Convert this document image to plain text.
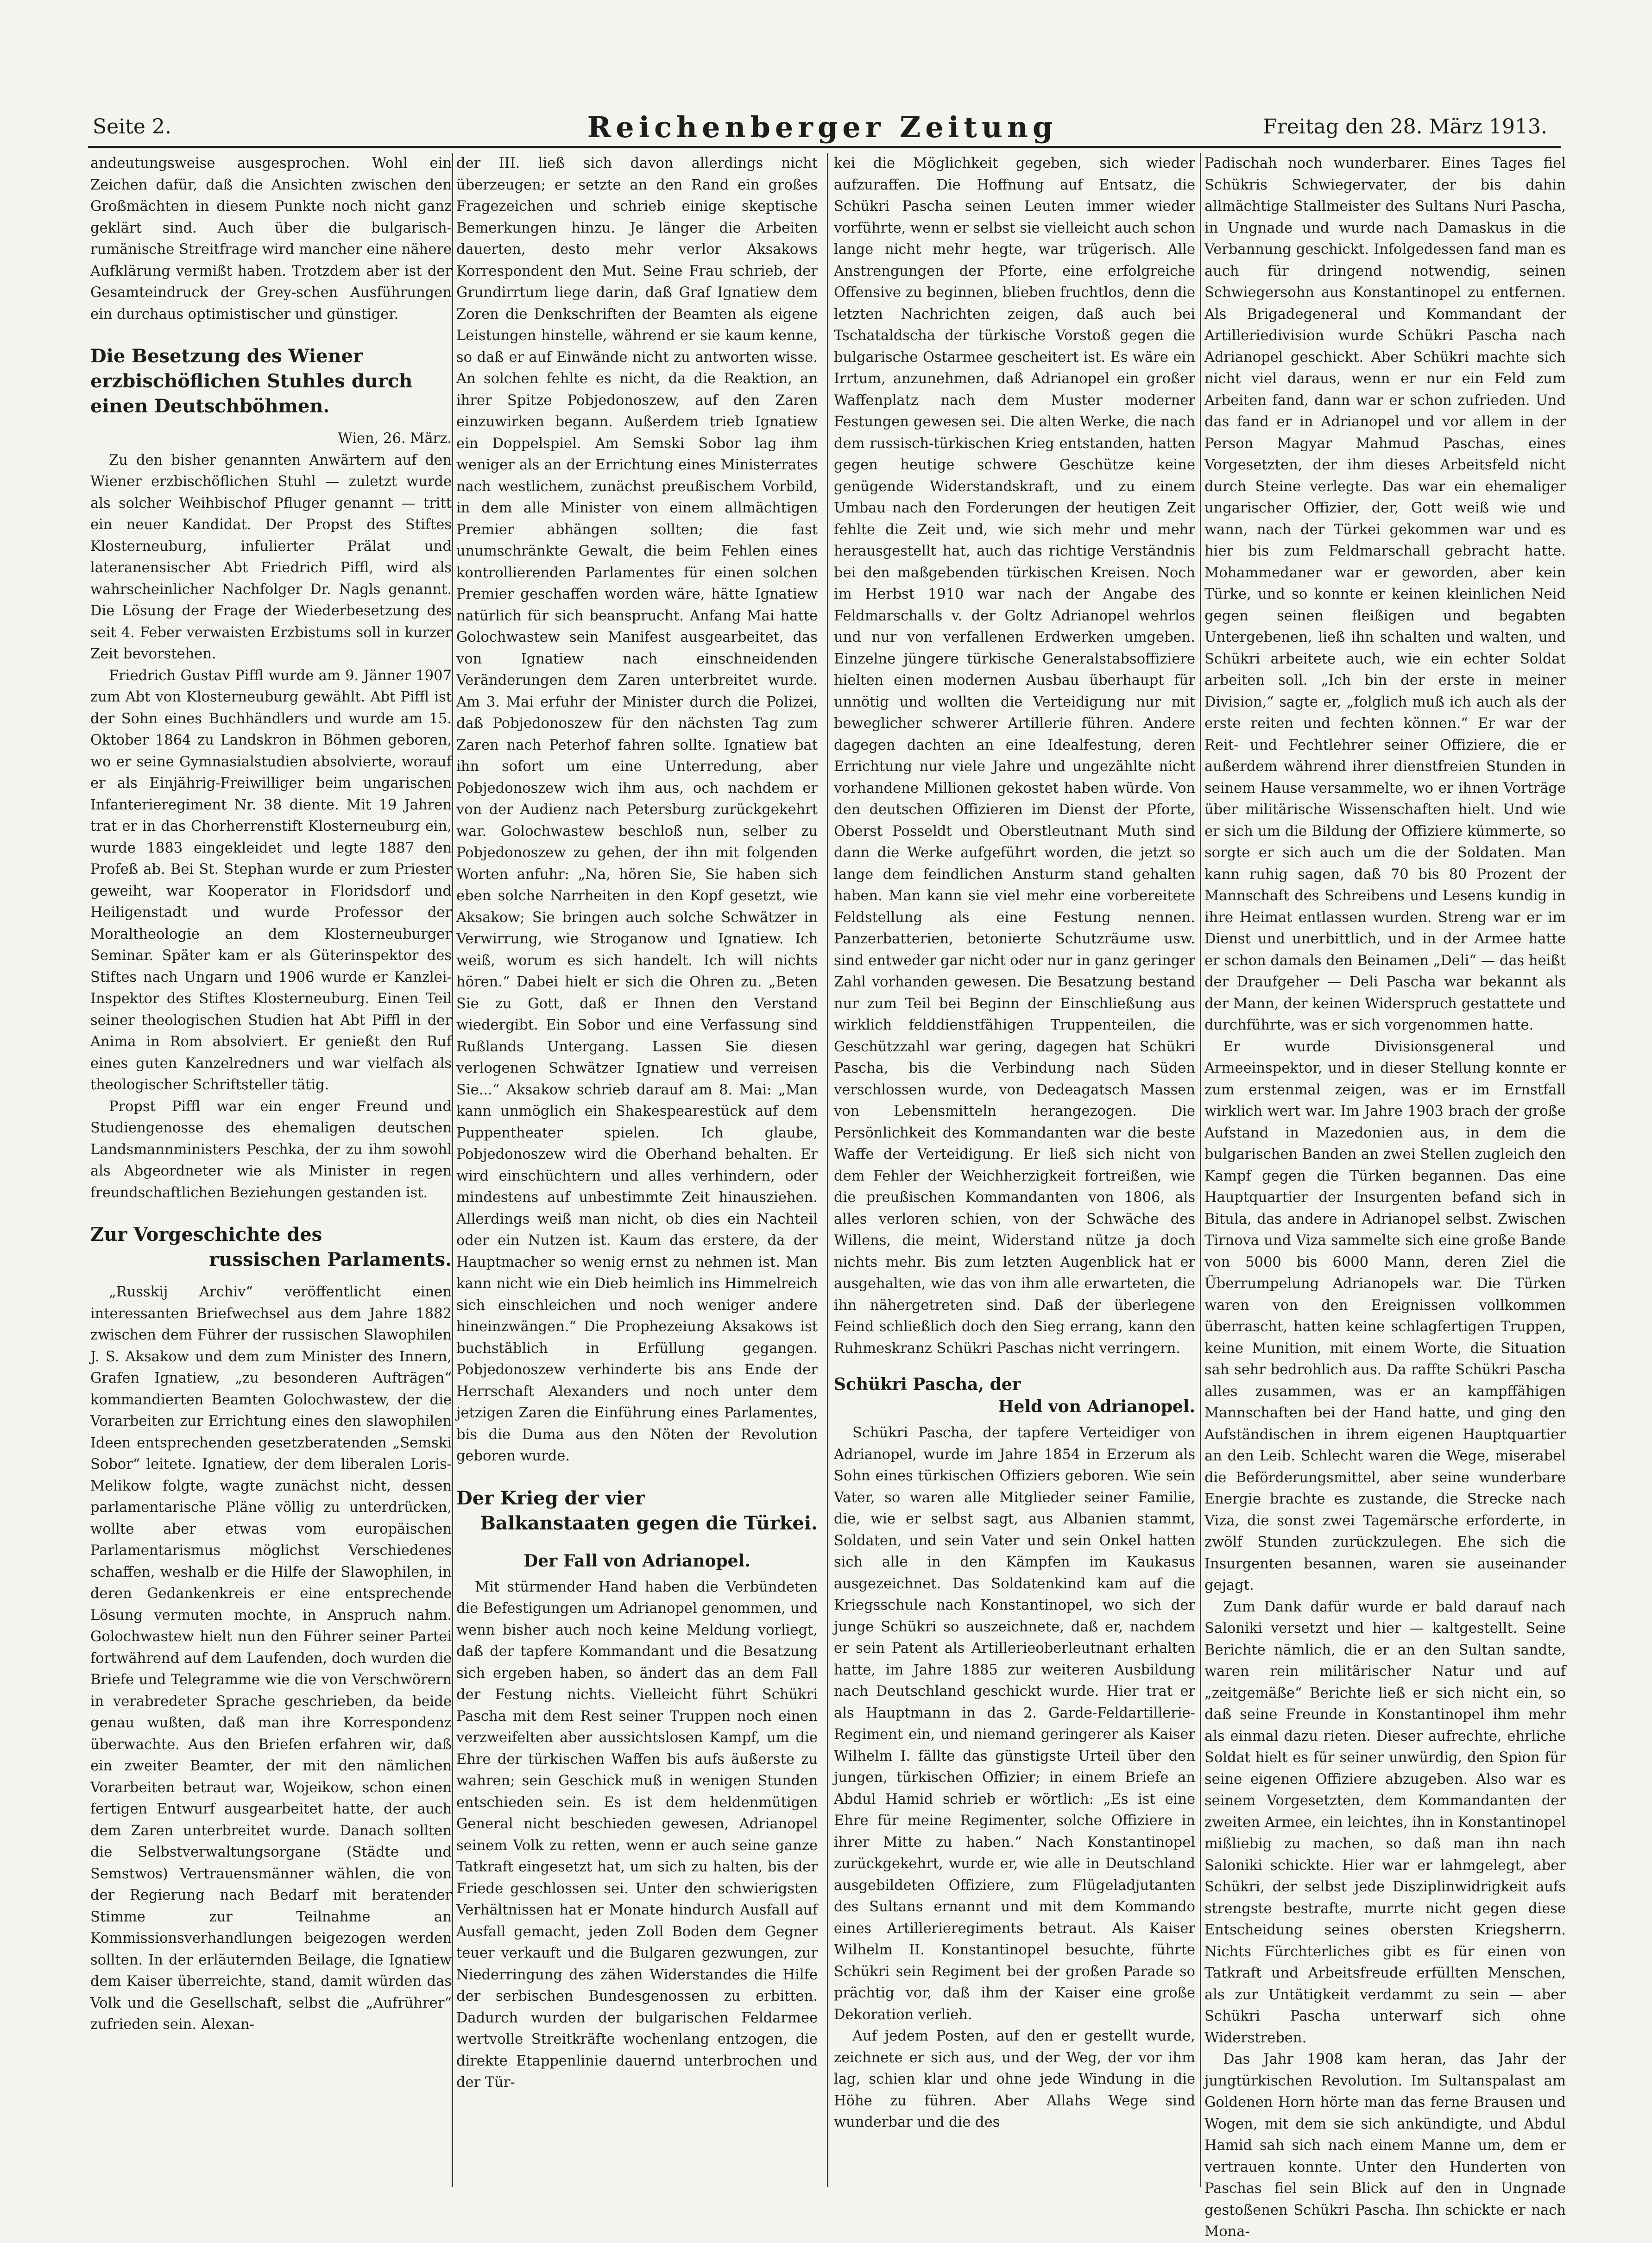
Seite 2.	Reichenberger Zeitung	Freitag den 28. März 1913.

andeutungsweise ausgesprochen. Wohl ein Zeichen dafür, daß die Ansichten zwischen den Großmächten in diesem Punkte noch nicht ganz geklärt sind. Auch über die bulgarisch-rumänische Streitfrage wird mancher eine nähere Aufklärung vermißt haben. Trotzdem aber ist der Gesamteindruck der Grey-schen Ausführungen ein durchaus optimistischer und günstiger.

Die Besetzung des Wiener erzbischöflichen Stuhles durch einen Deutschböhmen.
Wien, 26. März.

Zu den bisher genannten Anwärtern auf den Wiener erzbischöflichen Stuhl — zuletzt wurde als solcher Weihbischof Pfluger genannt — tritt ein neuer Kandidat. Der Propst des Stiftes Klosterneuburg, infulierter Prälat und lateranensischer Abt Friedrich Piffl, wird als wahrscheinlicher Nachfolger Dr. Nagls genannt. Die Lösung der Frage der Wiederbesetzung des seit 4. Feber verwaisten Erzbistums soll in kurzer Zeit bevorstehen.

Friedrich Gustav Piffl wurde am 9. Jänner 1907 zum Abt von Klosterneuburg gewählt. Abt Piffl ist der Sohn eines Buchhändlers und wurde am 15. Oktober 1864 zu Landskron in Böhmen geboren, wo er seine Gymnasialstudien absolvierte, worauf er als Einjährig-Freiwilliger beim ungarischen Infanterieregiment Nr. 38 diente. Mit 19 Jahren trat er in das Chorherrenstift Klosterneuburg ein, wurde 1883 eingekleidet und legte 1887 den Profeß ab. Bei St. Stephan wurde er zum Priester geweiht, war Kooperator in Floridsdorf und Heiligenstadt und wurde Professor der Moraltheologie an dem Klosterneuburger Seminar. Später kam er als Güterinspektor des Stiftes nach Ungarn und 1906 wurde er Kanzlei-Inspektor des Stiftes Klosterneuburg. Einen Teil seiner theologischen Studien hat Abt Piffl in der Anima in Rom absolviert. Er genießt den Ruf eines guten Kanzelredners und war vielfach als theologischer Schriftsteller tätig.

Propst Piffl war ein enger Freund und Studiengenosse des ehemaligen deutschen Landsmannministers Peschka, der zu ihm sowohl als Abgeordneter wie als Minister in regen freundschaftlichen Beziehungen gestanden ist.

Zur Vorgeschichte des
russischen Parlaments.

„Russkij Archiv“ veröffentlicht einen interessanten Briefwechsel aus dem Jahre 1882 zwischen dem Führer der russischen Slawophilen J. S. Aksakow und dem zum Minister des Innern, Grafen Ignatiew, „zu besonderen Aufträgen“ kommandierten Beamten Golochwastew, der die Vorarbeiten zur Errichtung eines den slawophilen Ideen entsprechenden gesetzberatenden „Semski Sobor“ leitete. Ignatiew, der dem liberalen Loris-Melikow folgte, wagte zunächst nicht, dessen parlamentarische Pläne völlig zu unterdrücken, wollte aber etwas vom europäischen Parlamentarismus möglichst Verschiedenes schaffen, weshalb er die Hilfe der Slawophilen, in deren Gedankenkreis er eine entsprechende Lösung vermuten mochte, in Anspruch nahm. Golochwastew hielt nun den Führer seiner Partei fortwährend auf dem Laufenden, doch wurden die Briefe und Telegramme wie die von Verschwörern in verabredeter Sprache geschrieben, da beide genau wußten, daß man ihre Korrespondenz überwachte. Aus den Briefen erfahren wir, daß ein zweiter Beamter, der mit den nämlichen Vorarbeiten betraut war, Wojeikow, schon einen fertigen Entwurf ausgearbeitet hatte, der auch dem Zaren unterbreitet wurde. Danach sollten die Selbstverwaltungsorgane (Städte und Semstwos) Vertrauensmänner wählen, die von der Regierung nach Bedarf mit beratender Stimme zur Teilnahme an Kommissionsverhandlungen beigezogen werden sollten. In der erläuternden Beilage, die Ignatiew dem Kaiser überreichte, stand, damit würden das Volk und die Gesellschaft, selbst die „Aufrührer“ zufrieden sein. Alexan-

der III. ließ sich davon allerdings nicht überzeugen; er setzte an den Rand ein großes Fragezeichen und schrieb einige skeptische Bemerkungen hinzu. Je länger die Arbeiten dauerten, desto mehr verlor Aksakows Korrespondent den Mut. Seine Frau schrieb, der Grundirrtum liege darin, daß Graf Ignatiew dem Zoren die Denkschriften der Beamten als eigene Leistungen hinstelle, während er sie kaum kenne, so daß er auf Einwände nicht zu antworten wisse. An solchen fehlte es nicht, da die Reaktion, an ihrer Spitze Pobjedonoszew, auf den Zaren einzuwirken begann. Außerdem trieb Ignatiew ein Doppelspiel. Am Semski Sobor lag ihm weniger als an der Errichtung eines Ministerrates nach westlichem, zunächst preußischem Vorbild, in dem alle Minister von einem allmächtigen Premier abhängen sollten; die fast unumschränkte Gewalt, die beim Fehlen eines kontrollierenden Parlamentes für einen solchen Premier geschaffen worden wäre, hätte Ignatiew natürlich für sich beansprucht. Anfang Mai hatte Golochwastew sein Manifest ausgearbeitet, das von Ignatiew nach einschneidenden Veränderungen dem Zaren unterbreitet wurde. Am 3. Mai erfuhr der Minister durch die Polizei, daß Pobjedonoszew für den nächsten Tag zum Zaren nach Peterhof fahren sollte. Ignatiew bat ihn sofort um eine Unterredung, aber Pobjedonoszew wich ihm aus, och nachdem er von der Audienz nach Petersburg zurückgekehrt war. Golochwastew beschloß nun, selber zu Pobjedonoszew zu gehen, der ihn mit folgenden Worten anfuhr: „Na, hören Sie, Sie haben sich eben solche Narrheiten in den Kopf gesetzt, wie Aksakow; Sie bringen auch solche Schwätzer in Verwirrung, wie Stroganow und Ignatiew. Ich weiß, worum es sich handelt. Ich will nichts hören.“ Dabei hielt er sich die Ohren zu. „Beten Sie zu Gott, daß er Ihnen den Verstand wiedergibt. Ein Sobor und eine Verfassung sind Rußlands Untergang. Lassen Sie diesen verlogenen Schwätzer Ignatiew und verreisen Sie...“ Aksakow schrieb darauf am 8. Mai: „Man kann unmöglich ein Shakespearestück auf dem Puppentheater spielen. Ich glaube, Pobjedonoszew wird die Oberhand behalten. Er wird einschüchtern und alles verhindern, oder mindestens auf unbestimmte Zeit hinausziehen. Allerdings weiß man nicht, ob dies ein Nachteil oder ein Nutzen ist. Kaum das erstere, da der Hauptmacher so wenig ernst zu nehmen ist. Man kann nicht wie ein Dieb heimlich ins Himmelreich sich einschleichen und noch weniger andere hineinzwängen.“ Die Prophezeiung Aksakows ist buchstäblich in Erfüllung gegangen. Pobjedonoszew verhinderte bis ans Ende der Herrschaft Alexanders und noch unter dem jetzigen Zaren die Einführung eines Parlamentes, bis die Duma aus den Nöten der Revolution geboren wurde.

Der Krieg der vier
Balkanstaaten gegen die Türkei.
Der Fall von Adrianopel.

Mit stürmender Hand haben die Verbündeten die Befestigungen um Adrianopel genommen, und wenn bisher auch noch keine Meldung vorliegt, daß der tapfere Kommandant und die Besatzung sich ergeben haben, so ändert das an dem Fall der Festung nichts. Vielleicht führt Schükri Pascha mit dem Rest seiner Truppen noch einen verzweifelten aber aussichtslosen Kampf, um die Ehre der türkischen Waffen bis aufs äußerste zu wahren; sein Geschick muß in wenigen Stunden entschieden sein. Es ist dem heldenmütigen General nicht beschieden gewesen, Adrianopel seinem Volk zu retten, wenn er auch seine ganze Tatkraft eingesetzt hat, um sich zu halten, bis der Friede geschlossen sei. Unter den schwierigsten Verhältnissen hat er Monate hindurch Ausfall auf Ausfall gemacht, jeden Zoll Boden dem Gegner teuer verkauft und die Bulgaren gezwungen, zur Niederringung des zähen Widerstandes die Hilfe der serbischen Bundesgenossen zu erbitten. Dadurch wurden der bulgarischen Feldarmee wertvolle Streitkräfte wochenlang entzogen, die direkte Etappenlinie dauernd unterbrochen und der Tür-

kei die Möglichkeit gegeben, sich wieder aufzuraffen. Die Hoffnung auf Entsatz, die Schükri Pascha seinen Leuten immer wieder vorführte, wenn er selbst sie vielleicht auch schon lange nicht mehr hegte, war trügerisch. Alle Anstrengungen der Pforte, eine erfolgreiche Offensive zu beginnen, blieben fruchtlos, denn die letzten Nachrichten zeigen, daß auch bei Tschataldscha der türkische Vorstoß gegen die bulgarische Ostarmee gescheitert ist. Es wäre ein Irrtum, anzunehmen, daß Adrianopel ein großer Waffenplatz nach dem Muster moderner Festungen gewesen sei. Die alten Werke, die nach dem russisch-türkischen Krieg entstanden, hatten gegen heutige schwere Geschütze keine genügende Widerstandskraft, und zu einem Umbau nach den Forderungen der heutigen Zeit fehlte die Zeit und, wie sich mehr und mehr herausgestellt hat, auch das richtige Verständnis bei den maßgebenden türkischen Kreisen. Noch im Herbst 1910 war nach der Angabe des Feldmarschalls v. der Goltz Adrianopel wehrlos und nur von verfallenen Erdwerken umgeben. Einzelne jüngere türkische Generalstabsoffiziere hielten einen modernen Ausbau überhaupt für unnötig und wollten die Verteidigung nur mit beweglicher schwerer Artillerie führen. Andere dagegen dachten an eine Idealfestung, deren Errichtung nur viele Jahre und ungezählte nicht vorhandene Millionen gekostet haben würde. Von den deutschen Offizieren im Dienst der Pforte, Oberst Posseldt und Oberstleutnant Muth sind dann die Werke aufgeführt worden, die jetzt so lange dem feindlichen Ansturm stand gehalten haben. Man kann sie viel mehr eine vorbereitete Feldstellung als eine Festung nennen. Panzerbatterien, betonierte Schutzräume usw. sind entweder gar nicht oder nur in ganz geringer Zahl vorhanden gewesen. Die Besatzung bestand nur zum Teil bei Beginn der Einschließung aus wirklich felddienstfähigen Truppenteilen, die Geschützzahl war gering, dagegen hat Schükri Pascha, bis die Verbindung nach Süden verschlossen wurde, von Dedeagatsch Massen von Lebensmitteln herangezogen. Die Persönlichkeit des Kommandanten war die beste Waffe der Verteidigung. Er ließ sich nicht von dem Fehler der Weichherzigkeit fortreißen, wie die preußischen Kommandanten von 1806, als alles verloren schien, von der Schwäche des Willens, die meint, Widerstand nütze ja doch nichts mehr. Bis zum letzten Augenblick hat er ausgehalten, wie das von ihm alle erwarteten, die ihn nähergetreten sind. Daß der überlegene Feind schließlich doch den Sieg errang, kann den Ruhmeskranz Schükri Paschas nicht verringern.

Schükri Pascha, der

Held von Adrianopel.

Schükri Pascha, der tapfere Verteidiger von Adrianopel, wurde im Jahre 1854 in Erzerum als Sohn eines türkischen Offiziers geboren. Wie sein Vater, so waren alle Mitglieder seiner Familie, die, wie er selbst sagt, aus Albanien stammt, Soldaten, und sein Vater und sein Onkel hatten sich alle in den Kämpfen im Kaukasus ausgezeichnet. Das Soldatenkind kam auf die Kriegsschule nach Konstantinopel, wo sich der junge Schükri so auszeichnete, daß er, nachdem er sein Patent als Artillerieoberleutnant erhalten hatte, im Jahre 1885 zur weiteren Ausbildung nach Deutschland geschickt wurde. Hier trat er als Hauptmann in das 2. Garde-Feldartillerie-Regiment ein, und niemand geringerer als Kaiser Wilhelm I. fällte das günstigste Urteil über den jungen, türkischen Offizier; in einem Briefe an Abdul Hamid schrieb er wörtlich: „Es ist eine Ehre für meine Regimenter, solche Offiziere in ihrer Mitte zu haben.“ Nach Konstantinopel zurückgekehrt, wurde er, wie alle in Deutschland ausgebildeten Offiziere, zum Flügeladjutanten des Sultans ernannt und mit dem Kommando eines Artillerieregiments betraut. Als Kaiser Wilhelm II. Konstantinopel besuchte, führte Schükri sein Regiment bei der großen Parade so prächtig vor, daß ihm der Kaiser eine große Dekoration verlieh.

Auf jedem Posten, auf den er gestellt wurde, zeichnete er sich aus, und der Weg, der vor ihm lag, schien klar und ohne jede Windung in die Höhe zu führen. Aber Allahs Wege sind wunderbar und die des

Padischah noch wunderbarer. Eines Tages fiel Schükris Schwiegervater, der bis dahin allmächtige Stallmeister des Sultans Nuri Pascha, in Ungnade und wurde nach Damaskus in die Verbannung geschickt. Infolgedessen fand man es auch für dringend notwendig, seinen Schwiegersohn aus Konstantinopel zu entfernen. Als Brigadegeneral und Kommandant der Artilleriedivision wurde Schükri Pascha nach Adrianopel geschickt. Aber Schükri machte sich nicht viel daraus, wenn er nur ein Feld zum Arbeiten fand, dann war er schon zufrieden. Und das fand er in Adrianopel und vor allem in der Person Magyar Mahmud Paschas, eines Vorgesetzten, der ihm dieses Arbeitsfeld nicht durch Steine verlegte. Das war ein ehemaliger ungarischer Offizier, der, Gott weiß wie und wann, nach der Türkei gekommen war und es hier bis zum Feldmarschall gebracht hatte. Mohammedaner war er geworden, aber kein Türke, und so konnte er keinen kleinlichen Neid gegen seinen fleißigen und begabten Untergebenen, ließ ihn schalten und walten, und Schükri arbeitete auch, wie ein echter Soldat arbeiten soll. „Ich bin der erste in meiner Division,“ sagte er, „folglich muß ich auch als der erste reiten und fechten können.“ Er war der Reit- und Fechtlehrer seiner Offiziere, die er außerdem während ihrer dienstfreien Stunden in seinem Hause versammelte, wo er ihnen Vorträge über militärische Wissenschaften hielt. Und wie er sich um die Bildung der Offiziere kümmerte, so sorgte er sich auch um die der Soldaten. Man kann ruhig sagen, daß 70 bis 80 Prozent der Mannschaft des Schreibens und Lesens kundig in ihre Heimat entlassen wurden. Streng war er im Dienst und unerbittlich, und in der Armee hatte er schon damals den Beinamen „Deli“ — das heißt der Draufgeher — Deli Pascha war bekannt als der Mann, der keinen Widerspruch gestattete und durchführte, was er sich vorgenommen hatte.

Er wurde Divisionsgeneral und Armeeinspektor, und in dieser Stellung konnte er zum erstenmal zeigen, was er im Ernstfall wirklich wert war. Im Jahre 1903 brach der große Aufstand in Mazedonien aus, in dem die bulgarischen Banden an zwei Stellen zugleich den Kampf gegen die Türken begannen. Das eine Hauptquartier der Insurgenten befand sich in Bitula, das andere in Adrianopel selbst. Zwischen Tirnova und Viza sammelte sich eine große Bande von 5000 bis 6000 Mann, deren Ziel die Überrumpelung Adrianopels war. Die Türken waren von den Ereignissen vollkommen überrascht, hatten keine schlagfertigen Truppen, keine Munition, mit einem Worte, die Situation sah sehr bedrohlich aus. Da raffte Schükri Pascha alles zusammen, was er an kampffähigen Mannschaften bei der Hand hatte, und ging den Aufständischen in ihrem eigenen Hauptquartier an den Leib. Schlecht waren die Wege, miserabel die Beförderungsmittel, aber seine wunderbare Energie brachte es zustande, die Strecke nach Viza, die sonst zwei Tagemärsche erforderte, in zwölf Stunden zurückzulegen. Ehe sich die Insurgenten besannen, waren sie auseinander gejagt.

Zum Dank dafür wurde er bald darauf nach Saloniki versetzt und hier — kaltgestellt. Seine Berichte nämlich, die er an den Sultan sandte, waren rein militärischer Natur und auf „zeitgemäße“ Berichte ließ er sich nicht ein, so daß seine Freunde in Konstantinopel ihm mehr als einmal dazu rieten. Dieser aufrechte, ehrliche Soldat hielt es für seiner unwürdig, den Spion für seine eigenen Offiziere abzugeben. Also war es seinem Vorgesetzten, dem Kommandanten der zweiten Armee, ein leichtes, ihn in Konstantinopel mißliebig zu machen, so daß man ihn nach Saloniki schickte. Hier war er lahmgelegt, aber Schükri, der selbst jede Disziplinwidrigkeit aufs strengste bestrafte, murrte nicht gegen diese Entscheidung seines obersten Kriegsherrn. Nichts Fürchterliches gibt es für einen von Tatkraft und Arbeitsfreude erfüllten Menschen, als zur Untätigkeit verdammt zu sein — aber Schükri Pascha unterwarf sich ohne Widerstreben.

Das Jahr 1908 kam heran, das Jahr der jungtürkischen Revolution. Im Sultanspalast am Goldenen Horn hörte man das ferne Brausen und Wogen, mit dem sie sich ankündigte, und Abdul Hamid sah sich nach einem Manne um, dem er vertrauen konnte. Unter den Hunderten von Paschas fiel sein Blick auf den in Ungnade gestoßenen Schükri Pascha. Ihn schickte er nach Mona-
